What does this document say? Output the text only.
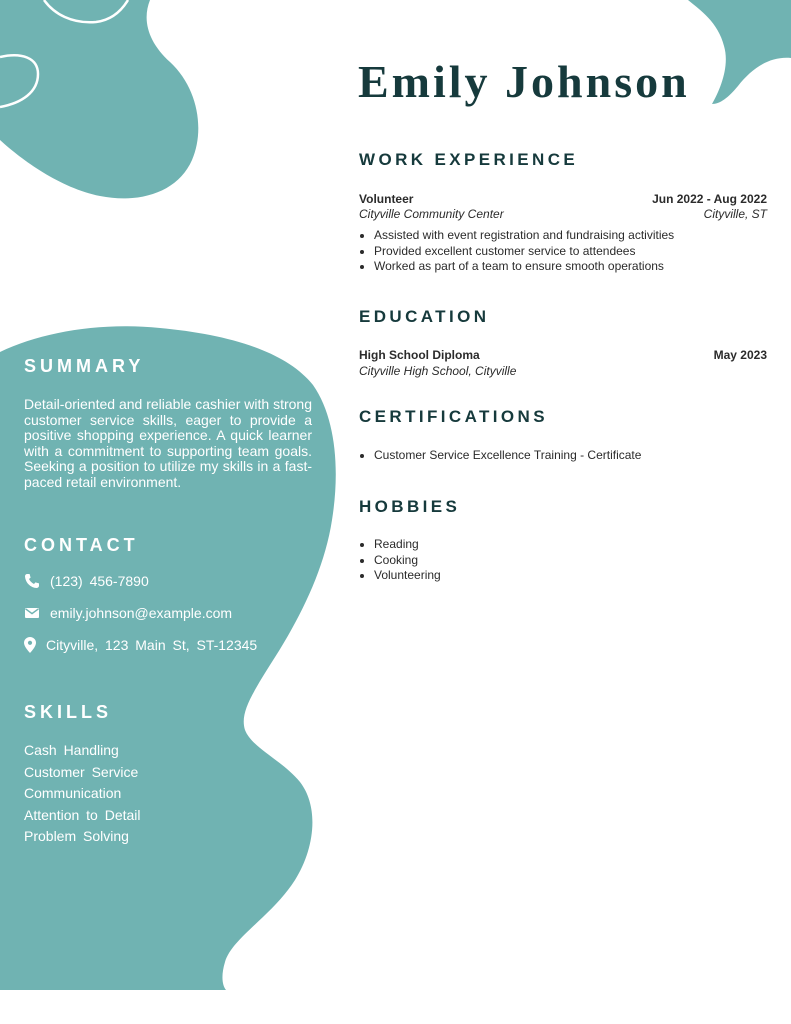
SUMMARY

Detail-oriented and reliable cashier with strong customer service skills, eager to provide a positive shopping experience. A quick learner with a commitment to supporting team goals. Seeking a position to utilize my skills in a fast-paced retail environment.

CONTACT
(123) 456-7890
emily.johnson@example.com
Cityville, 123 Main St, ST-12345
SKILLS
Cash Handling
Customer Service
Communication
Attention to Detail
Problem Solving
Emily Johnson
WORK EXPERIENCE
Volunteer	Jun 2022 - Aug 2022
Cityville Community Center	Cityville, ST
• Assisted with event registration and fundraising activities
• Provided excellent customer service to attendees
• Worked as part of a team to ensure smooth operations
EDUCATION
High School Diploma	May 2023
Cityville High School, Cityville
CERTIFICATIONS
• Customer Service Excellence Training - Certificate
HOBBIES
• Reading
• Cooking
• Volunteering
